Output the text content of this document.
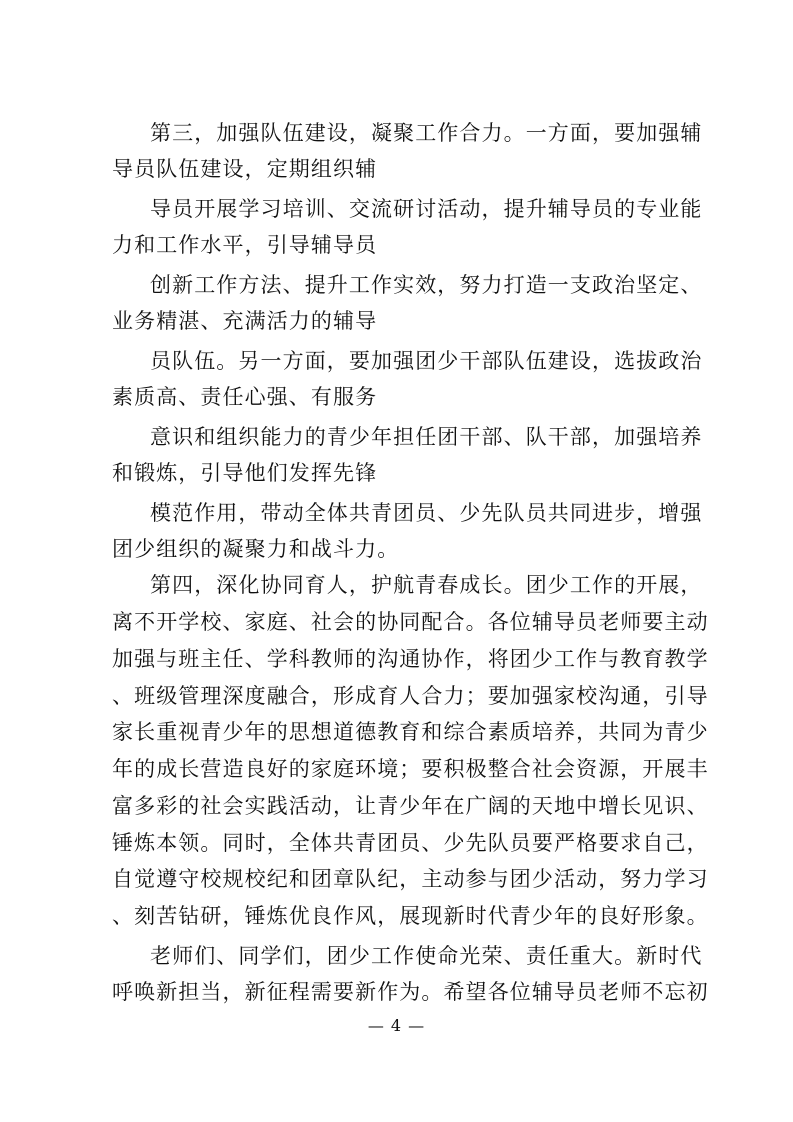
第三，加强队伍建设，凝聚工作合力。一方面，要加强辅
导员队伍建设，定期组织辅
导员开展学习培训、交流研讨活动，提升辅导员的专业能
力和工作水平，引导辅导员
创新工作方法、提升工作实效，努力打造一支政治坚定、
业务精湛、充满活力的辅导
员队伍。另一方面，要加强团少干部队伍建设，选拔政治
素质高、责任心强、有服务
意识和组织能力的青少年担任团干部、队干部，加强培养
和锻炼，引导他们发挥先锋
模范作用，带动全体共青团员、少先队员共同进步，增强
团少组织的凝聚力和战斗力。
第四，深化协同育人，护航青春成长。团少工作的开展，
离不开学校、家庭、社会的协同配合。各位辅导员老师要主动
加强与班主任、学科教师的沟通协作，将团少工作与教育教学
、班级管理深度融合，形成育人合力；要加强家校沟通，引导
家长重视青少年的思想道德教育和综合素质培养，共同为青少
年的成长营造良好的家庭环境；要积极整合社会资源，开展丰
富多彩的社会实践活动，让青少年在广阔的天地中增长见识、
锤炼本领。同时，全体共青团员、少先队员要严格要求自己，
自觉遵守校规校纪和团章队纪，主动参与团少活动，努力学习
、刻苦钻研，锤炼优良作风，展现新时代青少年的良好形象。
老师们、同学们，团少工作使命光荣、责任重大。新时代
呼唤新担当，新征程需要新作为。希望各位辅导员老师不忘初
— 4 —
